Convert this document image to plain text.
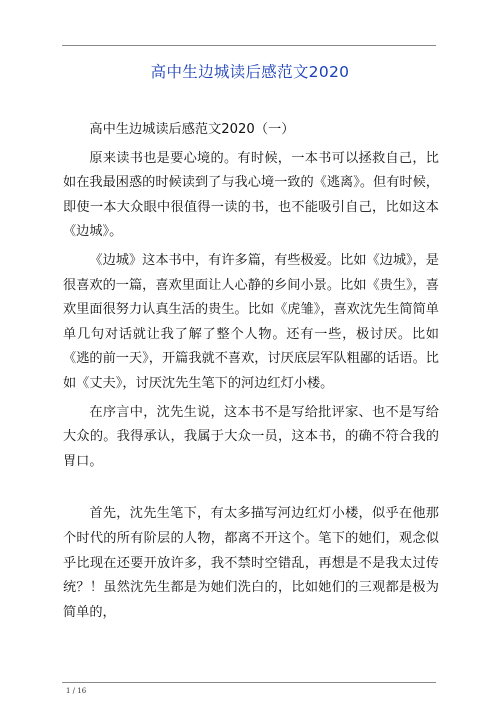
高中生边城读后感范文2020

高中生边城读后感范文2020（一）

原来读书也是要心境的。有时候，一本书可以拯救自己，比如在我最困惑的时候读到了与我心境一致的《逃离》。但有时候，即使一本大众眼中很值得一读的书，也不能吸引自己，比如这本《边城》。

《边城》这本书中，有许多篇，有些极爱。比如《边城》，是很喜欢的一篇，喜欢里面让人心静的乡间小景。比如《贵生》，喜欢里面很努力认真生活的贵生。比如《虎雏》，喜欢沈先生简简单单几句对话就让我了解了整个人物。还有一些，极讨厌。比如《逃的前一天》，开篇我就不喜欢，讨厌底层军队粗鄙的话语。比如《丈夫》，讨厌沈先生笔下的河边红灯小楼。

在序言中，沈先生说，这本书不是写给批评家、也不是写给大众的。我得承认，我属于大众一员，这本书，的确不符合我的胃口。

首先，沈先生笔下，有太多描写河边红灯小楼，似乎在他那个时代的所有阶层的人物，都离不开这个。笔下的她们，观念似乎比现在还要开放许多，我不禁时空错乱，再想是不是我太过传统？！虽然沈先生都是为她们洗白的，比如她们的三观都是极为简单的，

1 / 16
